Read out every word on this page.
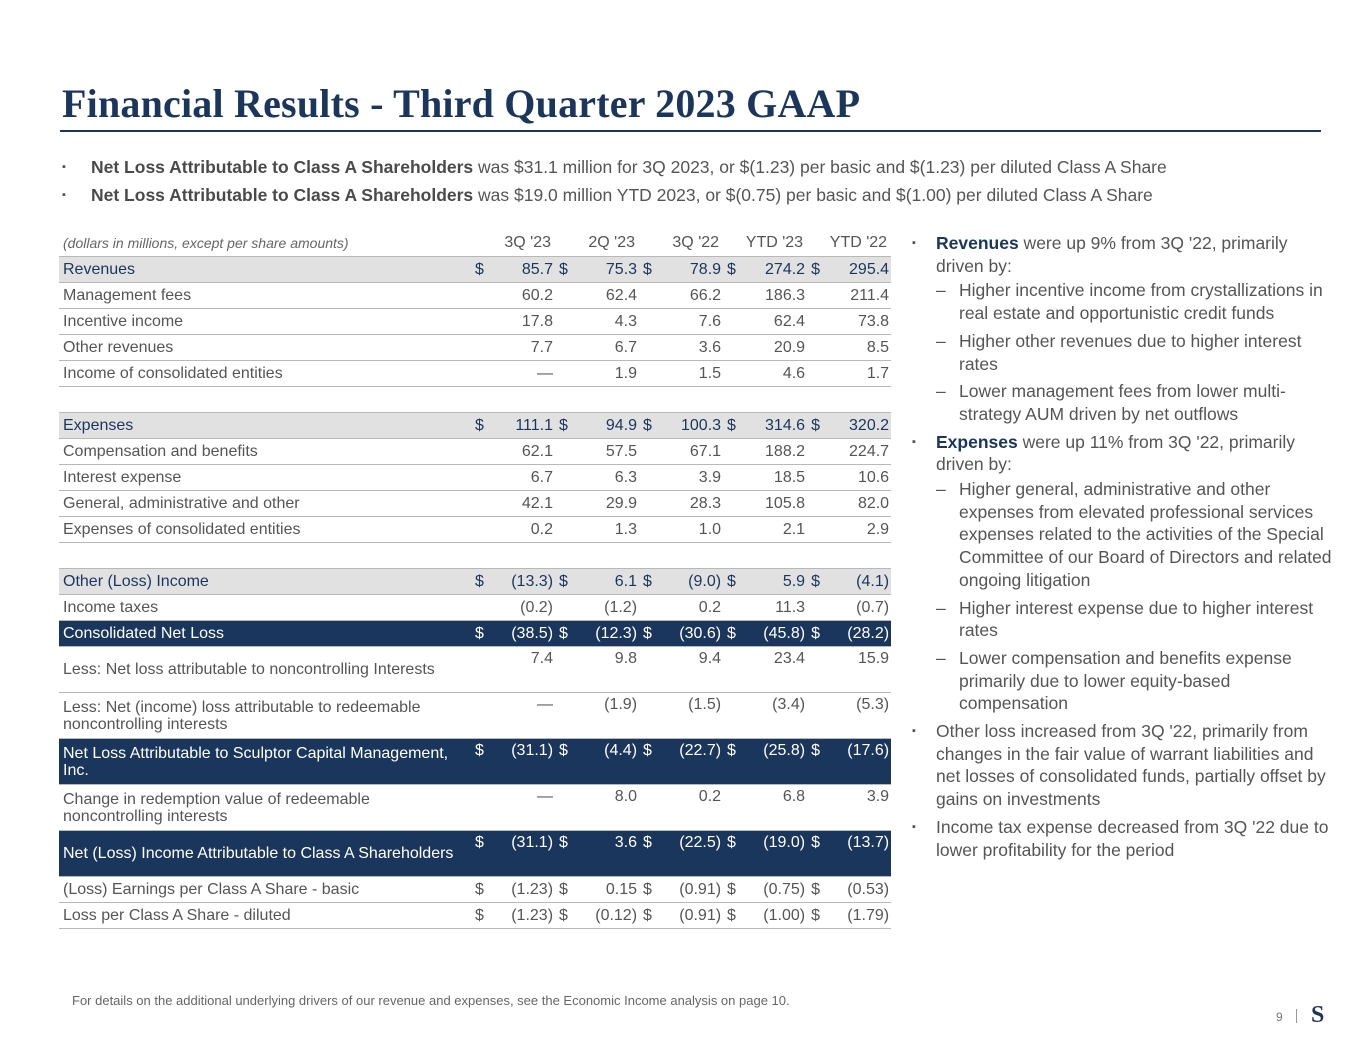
Financial Results - Third Quarter 2023 GAAP
▪ Net Loss Attributable to Class A Shareholders was $31.1 million for 3Q 2023, or $(1.23) per basic and $(1.23) per diluted Class A Share
▪ Net Loss Attributable to Class A Shareholders was $19.0 million YTD 2023, or $(0.75) per basic and $(1.00) per diluted Class A Share
(dollars in millions, except per share amounts)	3Q '23		2Q '23		3Q '22		YTD '23		YTD '22	
Revenues	$	85.7	$	75.3	$	78.9	$	274.2	$	295.4
Management fees		60.2		62.4		66.2		186.3		211.4
Incentive income		17.8		4.3		7.6		62.4		73.8
Other revenues		7.7		6.7		3.6		20.9		8.5
Income of consolidated entities		—		1.9		1.5		4.6		1.7

Expenses	$	111.1	$	94.9	$	100.3	$	314.6	$	320.2
Compensation and benefits		62.1		57.5		67.1		188.2		224.7
Interest expense		6.7		6.3		3.9		18.5		10.6
General, administrative and other		42.1		29.9		28.3		105.8		82.0
Expenses of consolidated entities		0.2		1.3		1.0		2.1		2.9

Other (Loss) Income	$	(13.3)	$	6.1	$	(9.0)	$	5.9	$	(4.1)
Income taxes		(0.2)		(1.2)		0.2		11.3		(0.7)
Consolidated Net Loss	$	(38.5)	$	(12.3)	$	(30.6)	$	(45.8)	$	(28.2)
Less: Net loss attributable to noncontrolling Interests		7.4		9.8		9.4		23.4		15.9
Less: Net (income) loss attributable to redeemable noncontrolling interests		—		(1.9)		(1.5)		(3.4)		(5.3)
Net Loss Attributable to Sculptor Capital Management, Inc.	$	(31.1)	$	(4.4)	$	(22.7)	$	(25.8)	$	(17.6)
Change in redemption value of redeemable noncontrolling interests		—		8.0		0.2		6.8		3.9
Net (Loss) Income Attributable to Class A Shareholders	$	(31.1)	$	3.6	$	(22.5)	$	(19.0)	$	(13.7)
(Loss) Earnings per Class A Share - basic	$	(1.23)	$	0.15	$	(0.91)	$	(0.75)	$	(0.53)
Loss per Class A Share - diluted	$	(1.23)	$	(0.12)	$	(0.91)	$	(1.00)	$	(1.79)
▪ Revenues were up 9% from 3Q '22, primarily driven by:
– Higher incentive income from crystallizations in real estate and opportunistic credit funds
– Higher other revenues due to higher interest rates
– Lower management fees from lower multi-strategy AUM driven by net outflows
▪ Expenses were up 11% from 3Q '22, primarily driven by:
– Higher general, administrative and other expenses from elevated professional services expenses related to the activities of the Special Committee of our Board of Directors and related ongoing litigation
– Higher interest expense due to higher interest rates
– Lower compensation and benefits expense primarily due to lower equity-based compensation
▪ Other loss increased from 3Q '22, primarily from changes in the fair value of warrant liabilities and net losses of consolidated funds, partially offset by gains on investments
▪ Income tax expense decreased from 3Q '22 due to lower profitability for the period
For details on the additional underlying drivers of our revenue and expenses, see the Economic Income analysis on page 10.
9 S
